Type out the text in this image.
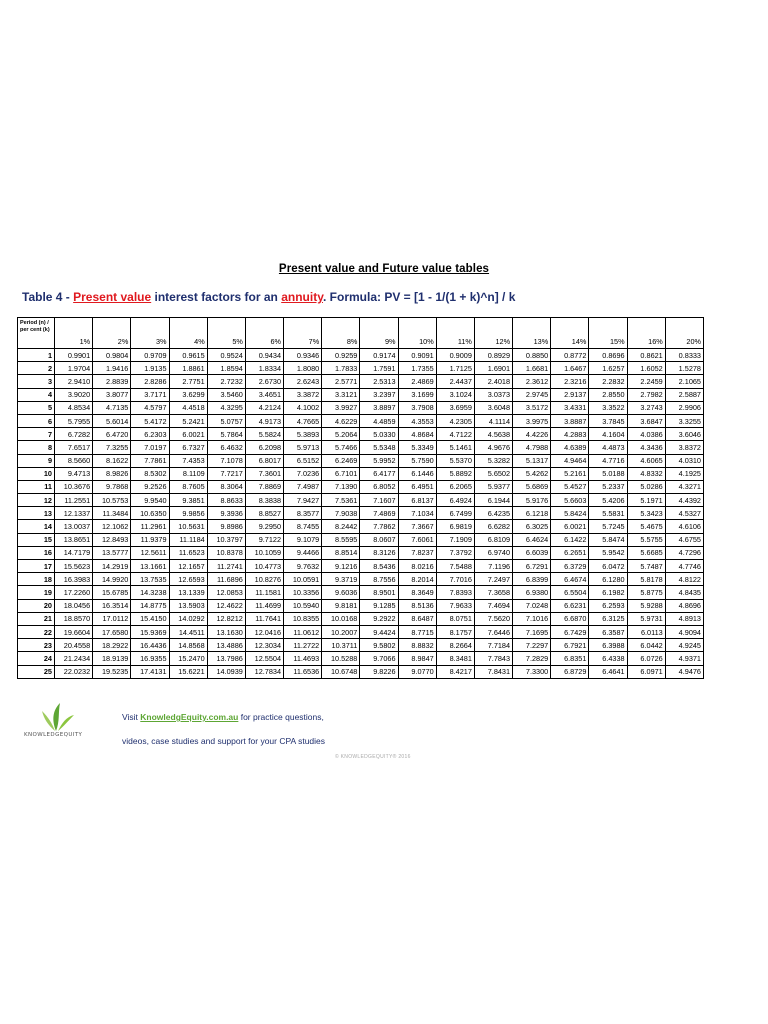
Present value and Future value tables
Table 4 - Present value interest factors for an annuity. Formula: PV = [1 - 1/(1 + k)^n] / k
Period (n) / per cent (k)	1%	2%	3%	4%	5%	6%	7%	8%	9%	10%	11%	12%	13%	14%	15%	16%	20%
1	0.9901	0.9804	0.9709	0.9615	0.9524	0.9434	0.9346	0.9259	0.9174	0.9091	0.9009	0.8929	0.8850	0.8772	0.8696	0.8621	0.8333
2	1.9704	1.9416	1.9135	1.8861	1.8594	1.8334	1.8080	1.7833	1.7591	1.7355	1.7125	1.6901	1.6681	1.6467	1.6257	1.6052	1.5278
3	2.9410	2.8839	2.8286	2.7751	2.7232	2.6730	2.6243	2.5771	2.5313	2.4869	2.4437	2.4018	2.3612	2.3216	2.2832	2.2459	2.1065
4	3.9020	3.8077	3.7171	3.6299	3.5460	3.4651	3.3872	3.3121	3.2397	3.1699	3.1024	3.0373	2.9745	2.9137	2.8550	2.7982	2.5887
5	4.8534	4.7135	4.5797	4.4518	4.3295	4.2124	4.1002	3.9927	3.8897	3.7908	3.6959	3.6048	3.5172	3.4331	3.3522	3.2743	2.9906
6	5.7955	5.6014	5.4172	5.2421	5.0757	4.9173	4.7665	4.6229	4.4859	4.3553	4.2305	4.1114	3.9975	3.8887	3.7845	3.6847	3.3255
7	6.7282	6.4720	6.2303	6.0021	5.7864	5.5824	5.3893	5.2064	5.0330	4.8684	4.7122	4.5638	4.4226	4.2883	4.1604	4.0386	3.6046
8	7.6517	7.3255	7.0197	6.7327	6.4632	6.2098	5.9713	5.7466	5.5348	5.3349	5.1461	4.9676	4.7988	4.6389	4.4873	4.3436	3.8372
9	8.5660	8.1622	7.7861	7.4353	7.1078	6.8017	6.5152	6.2469	5.9952	5.7590	5.5370	5.3282	5.1317	4.9464	4.7716	4.6065	4.0310
10	9.4713	8.9826	8.5302	8.1109	7.7217	7.3601	7.0236	6.7101	6.4177	6.1446	5.8892	5.6502	5.4262	5.2161	5.0188	4.8332	4.1925
11	10.3676	9.7868	9.2526	8.7605	8.3064	7.8869	7.4987	7.1390	6.8052	6.4951	6.2065	5.9377	5.6869	5.4527	5.2337	5.0286	4.3271
12	11.2551	10.5753	9.9540	9.3851	8.8633	8.3838	7.9427	7.5361	7.1607	6.8137	6.4924	6.1944	5.9176	5.6603	5.4206	5.1971	4.4392
13	12.1337	11.3484	10.6350	9.9856	9.3936	8.8527	8.3577	7.9038	7.4869	7.1034	6.7499	6.4235	6.1218	5.8424	5.5831	5.3423	4.5327
14	13.0037	12.1062	11.2961	10.5631	9.8986	9.2950	8.7455	8.2442	7.7862	7.3667	6.9819	6.6282	6.3025	6.0021	5.7245	5.4675	4.6106
15	13.8651	12.8493	11.9379	11.1184	10.3797	9.7122	9.1079	8.5595	8.0607	7.6061	7.1909	6.8109	6.4624	6.1422	5.8474	5.5755	4.6755
16	14.7179	13.5777	12.5611	11.6523	10.8378	10.1059	9.4466	8.8514	8.3126	7.8237	7.3792	6.9740	6.6039	6.2651	5.9542	5.6685	4.7296
17	15.5623	14.2919	13.1661	12.1657	11.2741	10.4773	9.7632	9.1216	8.5436	8.0216	7.5488	7.1196	6.7291	6.3729	6.0472	5.7487	4.7746
18	16.3983	14.9920	13.7535	12.6593	11.6896	10.8276	10.0591	9.3719	8.7556	8.2014	7.7016	7.2497	6.8399	6.4674	6.1280	5.8178	4.8122
19	17.2260	15.6785	14.3238	13.1339	12.0853	11.1581	10.3356	9.6036	8.9501	8.3649	7.8393	7.3658	6.9380	6.5504	6.1982	5.8775	4.8435
20	18.0456	16.3514	14.8775	13.5903	12.4622	11.4699	10.5940	9.8181	9.1285	8.5136	7.9633	7.4694	7.0248	6.6231	6.2593	5.9288	4.8696
21	18.8570	17.0112	15.4150	14.0292	12.8212	11.7641	10.8355	10.0168	9.2922	8.6487	8.0751	7.5620	7.1016	6.6870	6.3125	5.9731	4.8913
22	19.6604	17.6580	15.9369	14.4511	13.1630	12.0416	11.0612	10.2007	9.4424	8.7715	8.1757	7.6446	7.1695	6.7429	6.3587	6.0113	4.9094
23	20.4558	18.2922	16.4436	14.8568	13.4886	12.3034	11.2722	10.3711	9.5802	8.8832	8.2664	7.7184	7.2297	6.7921	6.3988	6.0442	4.9245
24	21.2434	18.9139	16.9355	15.2470	13.7986	12.5504	11.4693	10.5288	9.7066	8.9847	8.3481	7.7843	7.2829	6.8351	6.4338	6.0726	4.9371
25	22.0232	19.5235	17.4131	15.6221	14.0939	12.7834	11.6536	10.6748	9.8226	9.0770	8.4217	7.8431	7.3300	6.8729	6.4641	6.0971	4.9476
KNOWLEDGEQUITY
Visit KnowledgEquity.com.au for practice questions,
videos, case studies and support for your CPA studies
© KNOWLEDGEQUITY® 2016
